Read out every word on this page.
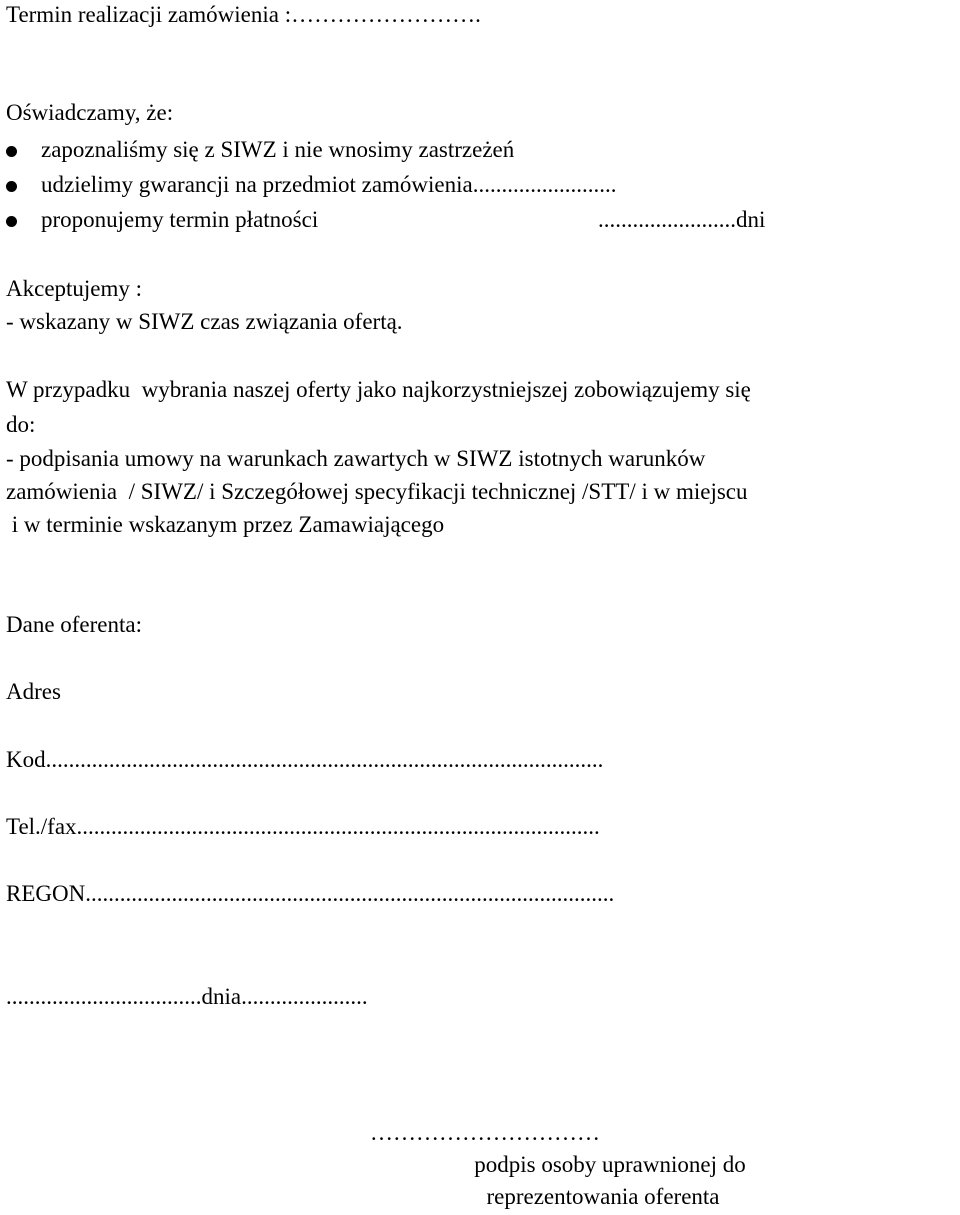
Termin realizacji zamówienia :…………………….
Oświadczamy, że:

zapoznaliśmy się z SIWZ i nie wnosimy zastrzeżeń

udzielimy gwarancji na przedmiot zamówienia.........................

proponujemy termin płatności

	........................dni

Akceptujemy :
- wskazany w SIWZ czas związania ofertą.
W przypadku  wybrania naszej oferty jako najkorzystniejszej zobowiązujemy się
do:
- podpisania umowy na warunkach zawartych w SIWZ istotnych warunków
zamówienia  / SIWZ/ i Szczegółowej specyfikacji technicznej /STT/ i w miejscu
i w terminie wskazanym przez Zamawiającego
Dane oferenta:
Adres
Kod.................................................................................................
Tel./fax...........................................................................................
REGON............................................................................................
..................................dnia......................
…………………………
podpis osoby uprawnionej do
reprezentowania oferenta
